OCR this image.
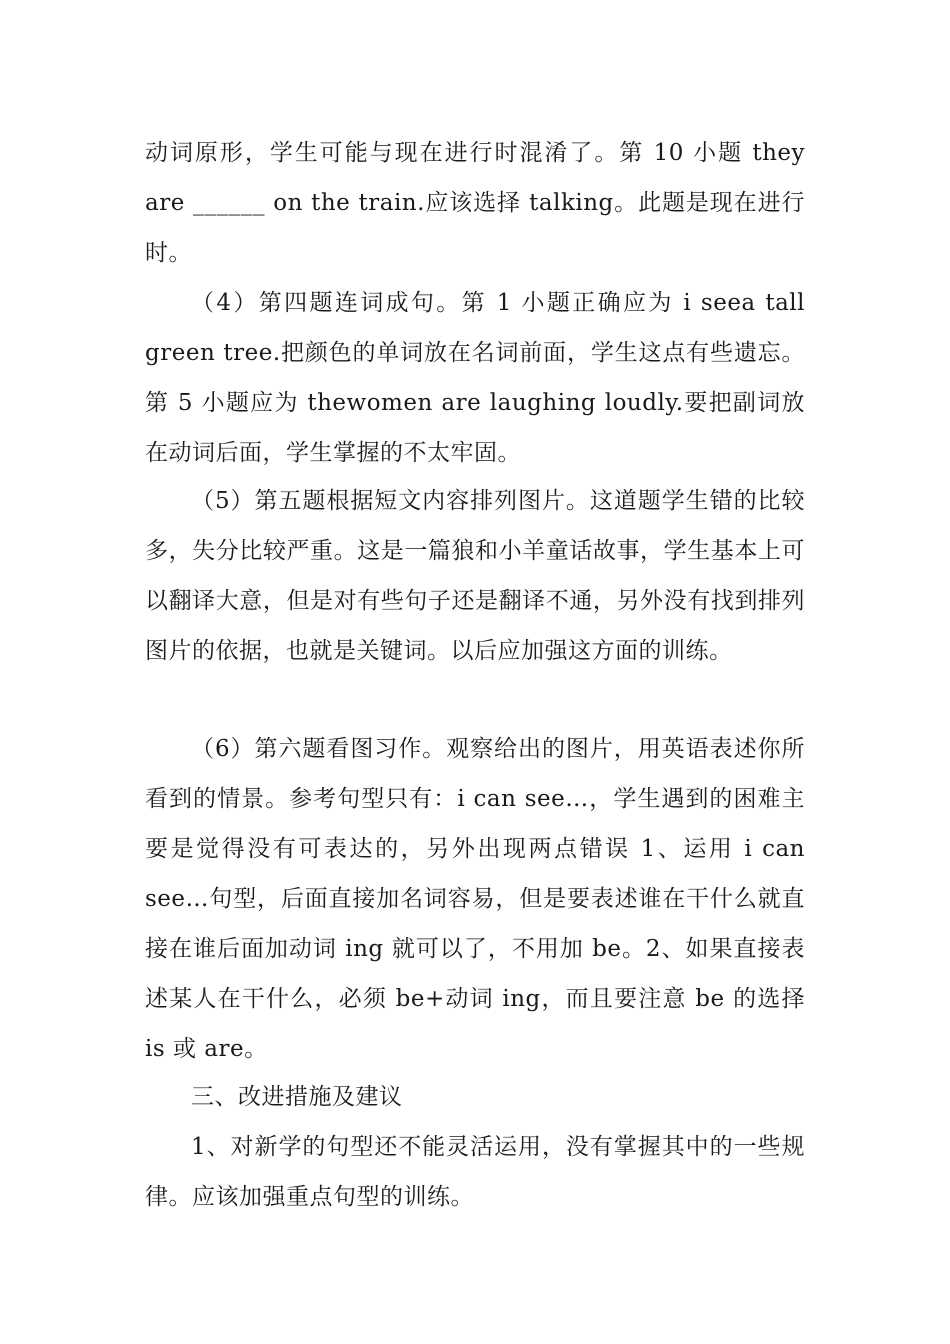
动词原形，学生可能与现在进行时混淆了。第 10 小题 they are ______ on the train.应该选择 talking。此题是现在进行时。

（4）第四题连词成句。第 1 小题正确应为 i seea tall green tree.把颜色的单词放在名词前面，学生这点有些遗忘。第 5 小题应为 thewomen are laughing loudly.要把副词放在动词后面，学生掌握的不太牢固。

（5）第五题根据短文内容排列图片。这道题学生错的比较多，失分比较严重。这是一篇狼和小羊童话故事，学生基本上可以翻译大意，但是对有些句子还是翻译不通，另外没有找到排列图片的依据，也就是关键词。以后应加强这方面的训练。

（6）第六题看图习作。观察给出的图片，用英语表述你所看到的情景。参考句型只有：i can see…，学生遇到的困难主要是觉得没有可表达的，另外出现两点错误 1、运用 i can see…句型，后面直接加名词容易，但是要表述谁在干什么就直接在谁后面加动词 ing 就可以了，不用加 be。2、如果直接表述某人在干什么，必须 be+动词 ing，而且要注意 be 的选择 is 或 are。

三、改进措施及建议

1、对新学的句型还不能灵活运用，没有掌握其中的一些规律。应该加强重点句型的训练。
